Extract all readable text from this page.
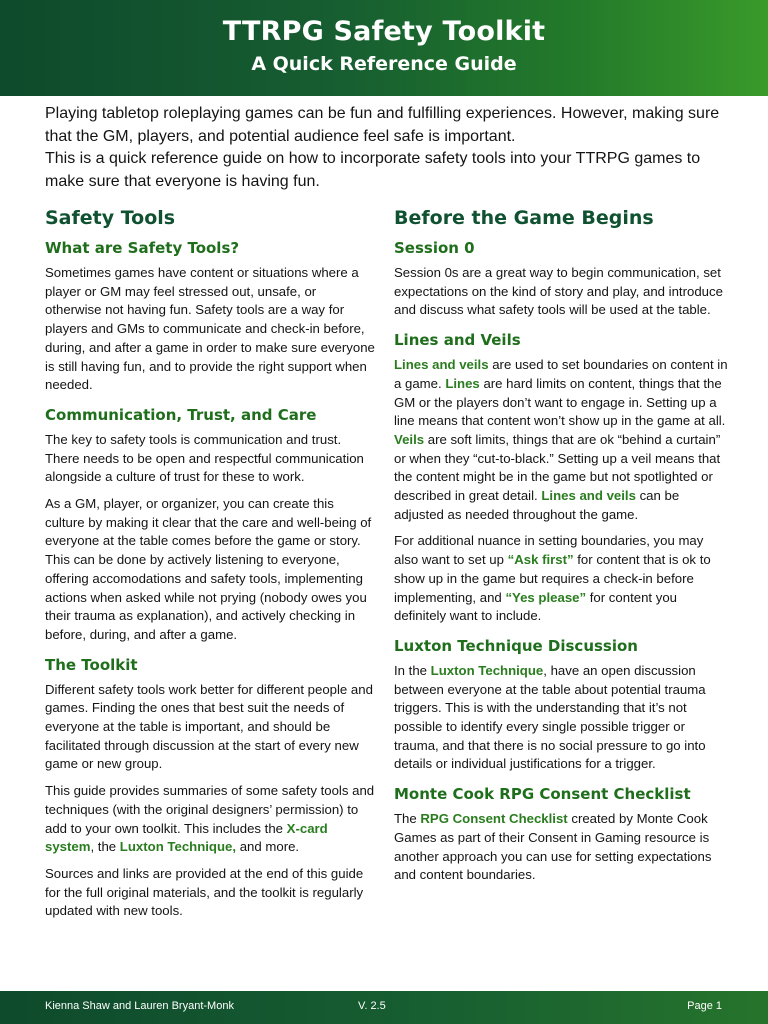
TTRPG Safety Toolkit
A Quick Reference Guide

Playing tabletop roleplaying games can be fun and fulfilling experiences. However, making sure that the GM, players, and potential audience feel safe is important.

This is a quick reference guide on how to incorporate safety tools into your TTRPG games to make sure that everyone is having fun.

Safety Tools
What are Safety Tools?

Sometimes games have content or situations where a player or GM may feel stressed out, unsafe, or otherwise not having fun. Safety tools are a way for players and GMs to communicate and check-in before, during, and after a game in order to make sure everyone is still having fun, and to provide the right support when needed.

Communication, Trust, and Care

The key to safety tools is communication and trust. There needs to be open and respectful communication alongside a culture of trust for these to work.

As a GM, player, or organizer, you can create this culture by making it clear that the care and well-being of everyone at the table comes before the game or story. This can be done by actively listening to everyone, offering accomodations and safety tools, implementing actions when asked while not prying (nobody owes you their trauma as explanation), and actively checking in before, during, and after a game.

The Toolkit

Different safety tools work better for different people and games. Finding the ones that best suit the needs of everyone at the table is important, and should be facilitated through discussion at the start of every new game or new group.

This guide provides summaries of some safety tools and techniques (with the original designers’ permission) to add to your own toolkit. This includes the X-card system, the Luxton Technique, and more.

Sources and links are provided at the end of this guide for the full original materials, and the toolkit is regularly updated with new tools.

Before the Game Begins
Session 0

Session 0s are a great way to begin communication, set expectations on the kind of story and play, and introduce and discuss what safety tools will be used at the table.

Lines and Veils

Lines and veils are used to set boundaries on content in a game. Lines are hard limits on content, things that the GM or the players don’t want to engage in. Setting up a line means that content won’t show up in the game at all. Veils are soft limits, things that are ok “behind a curtain” or when they “cut-to-black.” Setting up a veil means that the content might be in the game but not spotlighted or described in great detail. Lines and veils can be adjusted as needed throughout the game.

For additional nuance in setting boundaries, you may also want to set up “Ask first” for content that is ok to show up in the game but requires a check-in before implementing, and “Yes please” for content you definitely want to include.

Luxton Technique Discussion

In the Luxton Technique, have an open discussion between everyone at the table about potential trauma triggers. This is with the understanding that it’s not possible to identify every single possible trigger or trauma, and that there is no social pressure to go into details or individual justifications for a trigger.

Monte Cook RPG Consent Checklist

The RPG Consent Checklist created by Monte Cook Games as part of their Consent in Gaming resource is another approach you can use for setting expectations and content boundaries.

Kienna Shaw and Lauren Bryant-Monk	V. 2.5	Page 1
